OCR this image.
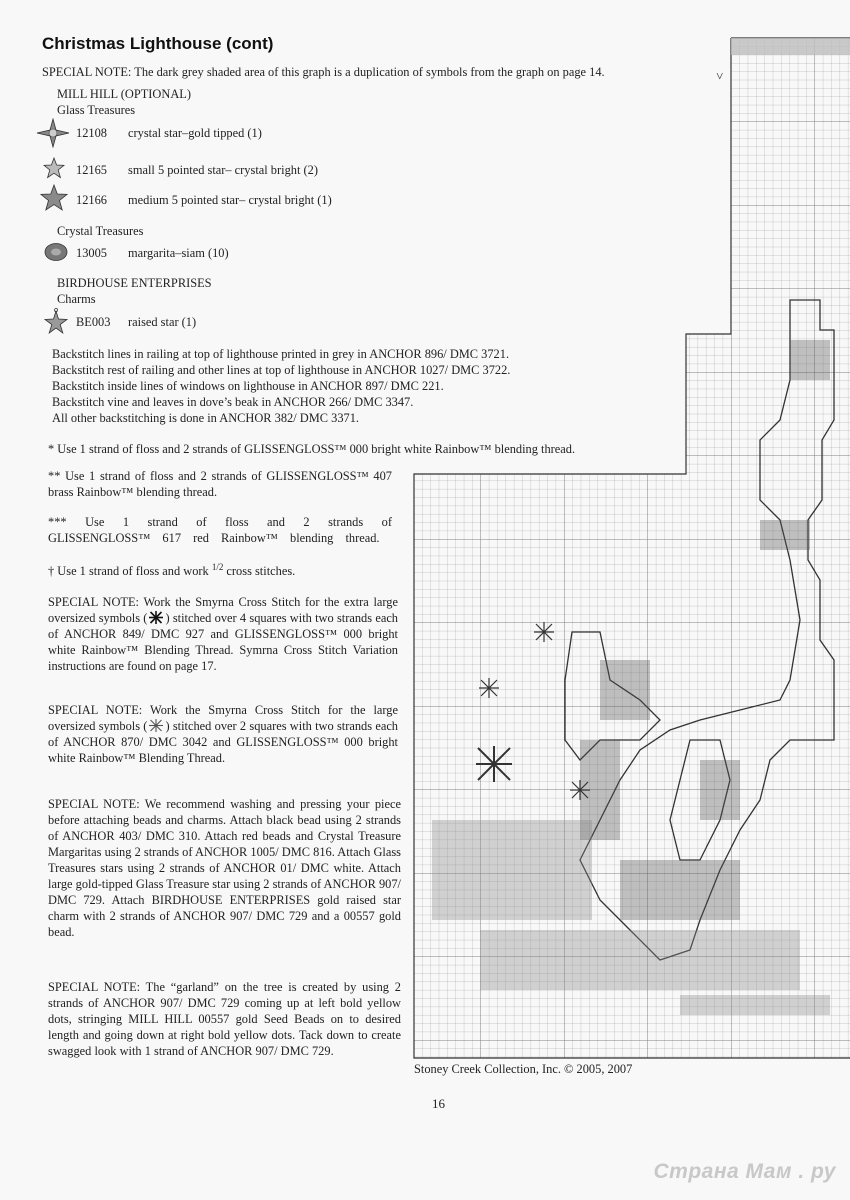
Christmas Lighthouse (cont)
SPECIAL NOTE: The dark grey shaded area of this graph is a duplication of symbols from the graph on page 14.
MILL HILL (OPTIONAL)
Glass Treasures
12108	crystal star–gold tipped (1)
12165	small 5 pointed star– crystal bright (2)
12166	medium 5 pointed star– crystal bright (1)
Crystal Treasures
13005	margarita–siam (10)
BIRDHOUSE ENTERPRISES
Charms
BE003	raised star (1)
Backstitch lines in railing at top of lighthouse printed in grey in ANCHOR 896/ DMC 3721.
Backstitch rest of railing and other lines at top of lighthouse in ANCHOR 1027/ DMC 3722.
Backstitch inside lines of windows on lighthouse in ANCHOR 897/ DMC 221.
Backstitch vine and leaves in dove’s beak in ANCHOR 266/ DMC 3347.
All other backstitching is done in ANCHOR 382/ DMC 3371.
* Use 1 strand of floss and 2 strands of GLISSENGLOSS™ 000 bright white Rainbow™ blending thread.
** Use 1 strand of floss and 2 strands of GLISSENGLOSS™ 407 brass Rainbow™ blending thread.
*** Use 1 strand of floss and 2 strands of GLISSENGLOSS™ 617 red Rainbow™ blending thread.
† Use 1 strand of floss and work $^{1/2}$ cross stitches.
SPECIAL NOTE: Work the Smyrna Cross Stitch for the extra large oversized symbols ( ) stitched over 4 squares with two strands each of ANCHOR 849/ DMC 927 and GLISSENGLOSS™ 000 bright white Rainbow™ Blending Thread. Symrna Cross Stitch Variation instructions are found on page 17.
SPECIAL NOTE: Work the Smyrna Cross Stitch for the large oversized symbols ( ) stitched over 2 squares with two strands each of ANCHOR 870/ DMC 3042 and GLISSENGLOSS™ 000 bright white Rainbow™ Blending Thread.
SPECIAL NOTE: We recommend washing and pressing your piece before attaching beads and charms. Attach black bead using 2 strands of ANCHOR 403/ DMC 310. Attach red beads and Crystal Treasure Margaritas using 2 strands of ANCHOR 1005/ DMC 816. Attach Glass Treasures stars using 2 strands of ANCHOR 01/ DMC white. Attach large gold-tipped Glass Treasure star using 2 strands of ANCHOR 907/ DMC 729. Attach BIRDHOUSE ENTERPRISES gold raised star charm with 2 strands of ANCHOR 907/ DMC 729 and a 00557 gold bead.
SPECIAL NOTE: The “garland” on the tree is created by using 2 strands of ANCHOR 907/ DMC 729 coming up at left bold yellow dots, stringing MILL HILL 00557 gold Seed Beads on to desired length and going down at right bold yellow dots. Tack down to create swagged look with 1 strand of ANCHOR 907/ DMC 729.
>
Stoney Creek Collection, Inc. © 2005, 2007
16
Страна Мам . ру
